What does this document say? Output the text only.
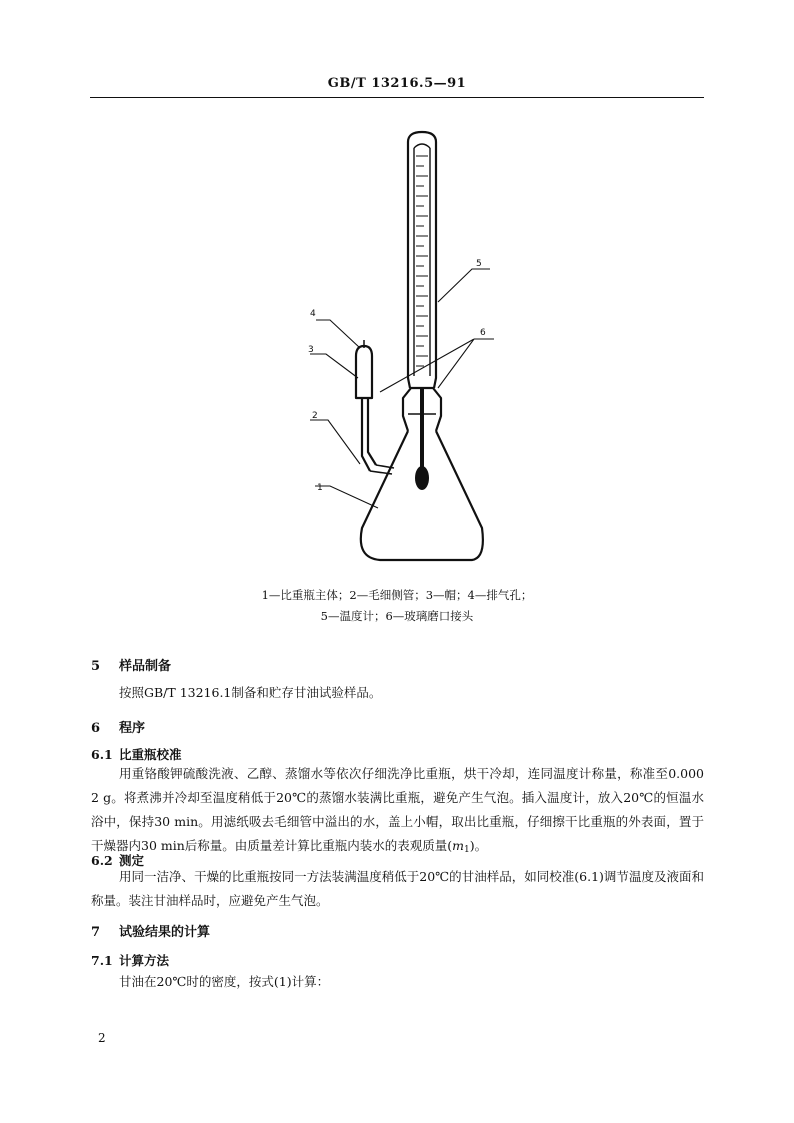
GB/T 13216.5—91
1
2
3
4
5
6
1—比重瓶主体；2—毛细侧管；3—帽；4—排气孔；
5—温度计；6—玻璃磨口接头
5 样品制备

按照GB/T 13216.1制备和贮存甘油试验样品。

6 程序
6.1 比重瓶校准

用重铬酸钾硫酸洗液、乙醇、蒸馏水等依次仔细洗净比重瓶，烘干冷却，连同温度计称量，称准至0.000 2 g。将煮沸并冷却至温度稍低于20℃的蒸馏水装满比重瓶，避免产生气泡。插入温度计，放入20℃的恒温水浴中，保持30 min。用滤纸吸去毛细管中溢出的水，盖上小帽，取出比重瓶，仔细擦干比重瓶的外表面，置于干燥器内30 min后称量。由质量差计算比重瓶内装水的表观质量$(m_1)$。

6.2 测定

用同一洁净、干燥的比重瓶按同一方法装满温度稍低于20℃的甘油样品，如同校准(6.1)调节温度及液面和称量。装注甘油样品时，应避免产生气泡。

7 试验结果的计算
7.1 计算方法

甘油在20℃时的密度，按式(1)计算：

2
